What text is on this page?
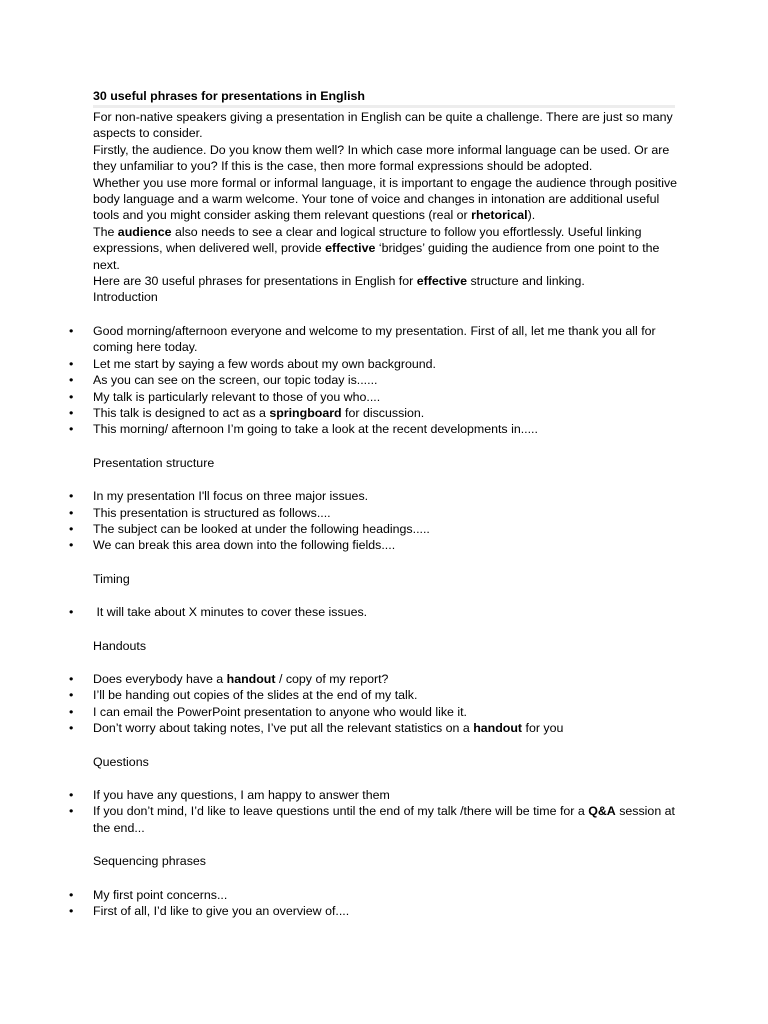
30 useful phrases for presentations in English

For non-native speakers giving a presentation in English can be quite a challenge. There are just so many aspects to consider.

Firstly, the audience. Do you know them well? In which case more informal language can be used. Or are they unfamiliar to you? If this is the case, then more formal expressions should be adopted.

Whether you use more formal or informal language, it is important to engage the audience through positive body language and a warm welcome. Your tone of voice and changes in intonation are additional useful tools and you might consider asking them relevant questions (real or rhetorical).

The audience also needs to see a clear and logical structure to follow you effortlessly. Useful linking expressions, when delivered well, provide effective ‘bridges’ guiding the audience from one point to the next.

Here are 30 useful phrases for presentations in English for effective structure and linking.

Introduction

• Good morning/afternoon everyone and welcome to my presentation. First of all, let me thank you all for coming here today.
• Let me start by saying a few words about my own background.
• As you can see on the screen, our topic today is......
• My talk is particularly relevant to those of you who....
• This talk is designed to act as a springboard for discussion.
• This morning/ afternoon I’m going to take a look at the recent developments in.....

Presentation structure

• In my presentation I'll focus on three major issues.
• This presentation is structured as follows....
• The subject can be looked at under the following headings.....
• We can break this area down into the following fields....

Timing

•  It will take about X minutes to cover these issues.

Handouts

• Does everybody have a handout / copy of my report?
• I’ll be handing out copies of the slides at the end of my talk.
• I can email the PowerPoint presentation to anyone who would like it.
• Don’t worry about taking notes, I’ve put all the relevant statistics on a handout for you

Questions

• If you have any questions, I am happy to answer them
• If you don’t mind, I’d like to leave questions until the end of my talk /there will be time for a Q&A session at the end...

Sequencing phrases

• My first point concerns...
• First of all, I’d like to give you an overview of....
